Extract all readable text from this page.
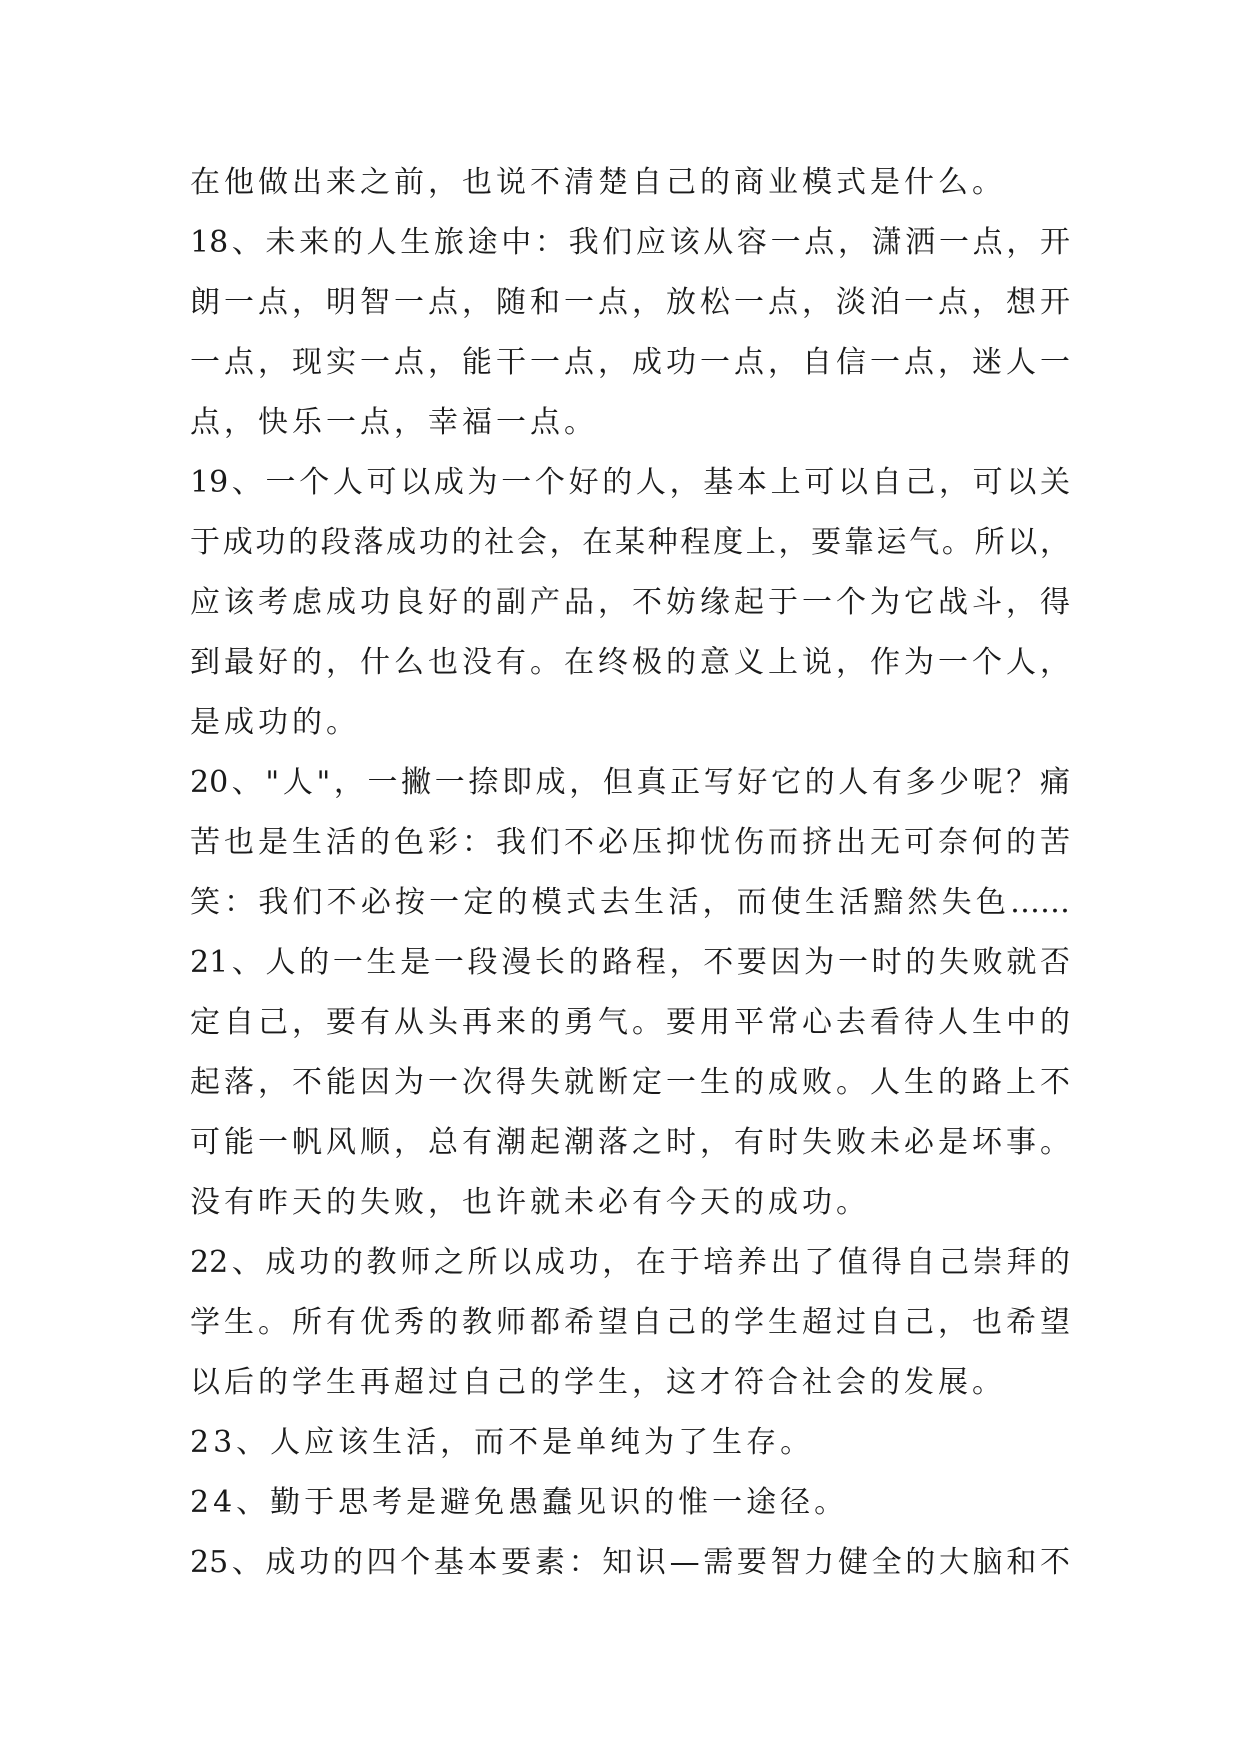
在他做出来之前，也说不清楚自己的商业模式是什么。
18、未来的人生旅途中：我们应该从容一点，潇洒一点，开
朗一点，明智一点，随和一点，放松一点，淡泊一点，想开
一点，现实一点，能干一点，成功一点，自信一点，迷人一
点，快乐一点，幸福一点。
19、一个人可以成为一个好的人，基本上可以自己，可以关
于成功的段落成功的社会，在某种程度上，要靠运气。所以，
应该考虑成功良好的副产品，不妨缘起于一个为它战斗，得
到最好的，什么也没有。在终极的意义上说，作为一个人，
是成功的。
20、"人"，一撇一捺即成，但真正写好它的人有多少呢？痛
苦也是生活的色彩：我们不必压抑忧伤而挤出无可奈何的苦
笑：我们不必按一定的模式去生活，而使生活黯然失色……
21、人的一生是一段漫长的路程，不要因为一时的失败就否
定自己，要有从头再来的勇气。要用平常心去看待人生中的
起落，不能因为一次得失就断定一生的成败。人生的路上不
可能一帆风顺，总有潮起潮落之时，有时失败未必是坏事。
没有昨天的失败，也许就未必有今天的成功。
22、成功的教师之所以成功，在于培养出了值得自己崇拜的
学生。所有优秀的教师都希望自己的学生超过自己，也希望
以后的学生再超过自己的学生，这才符合社会的发展。
23、人应该生活，而不是单纯为了生存。
24、勤于思考是避免愚蠢见识的惟一途径。
25、成功的四个基本要素：知识—需要智力健全的大脑和不
